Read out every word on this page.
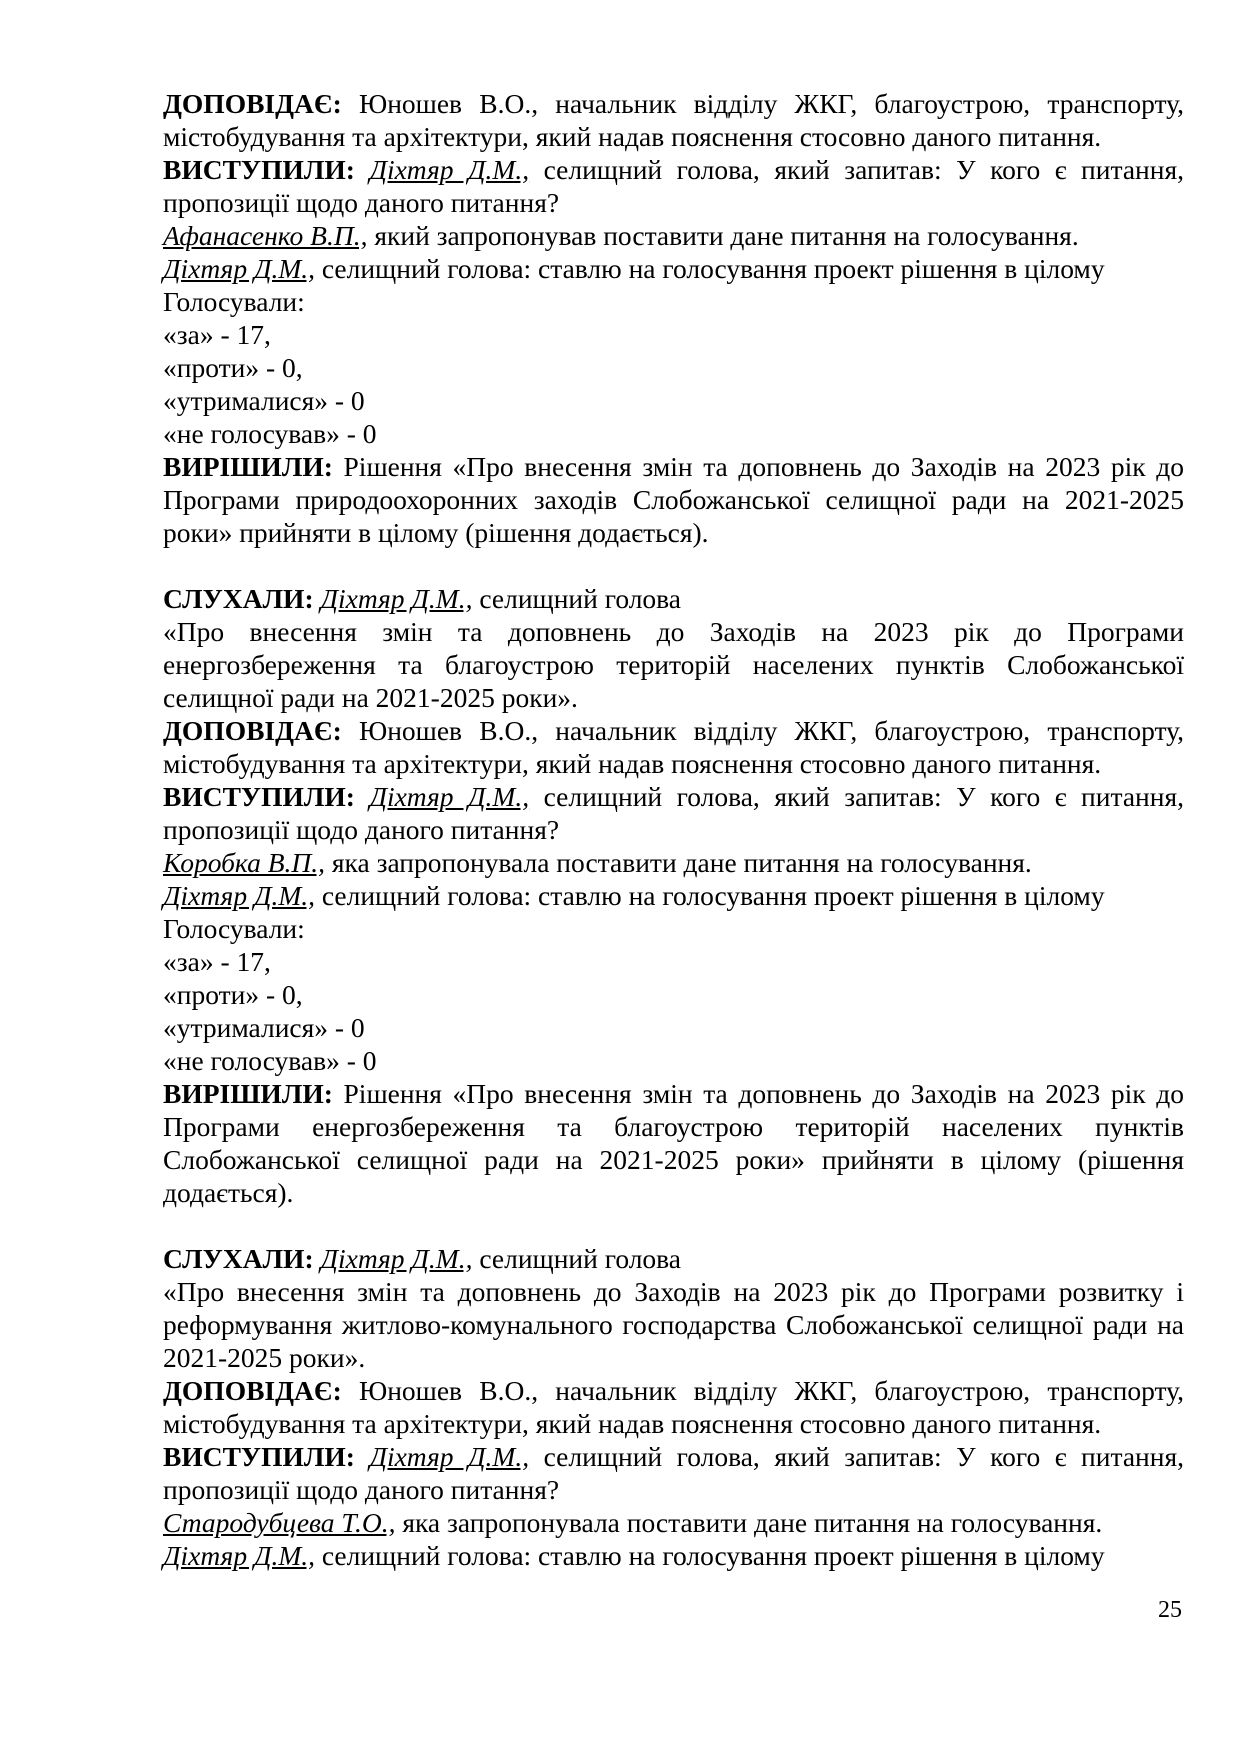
ДОПОВІДАЄ: Юношев В.О., начальник відділу ЖКГ, благоустрою, транспорту, містобудування та архітектури, який надав пояснення стосовно даного питання.

ВИСТУПИЛИ: Діхтяр Д.М., селищний голова, який запитав: У кого є питання, пропозиції щодо даного питання?

Афанасенко В.П., який запропонував поставити дане питання на голосування.

Діхтяр Д.М., селищний голова: ставлю на голосування проект рішення в цілому

Голосували:

«за» - 17,

«проти» - 0,

«утрималися» - 0

«не голосував» - 0

ВИРІШИЛИ: Рішення «Про внесення змін та доповнень до Заходів на 2023 рік до Програми природоохоронних заходів Слобожанської селищної ради на 2021-2025 роки» прийняти в цілому (рішення додається).

СЛУХАЛИ: Діхтяр Д.М., селищний голова

«Про внесення змін та доповнень до Заходів на 2023 рік до Програми енергозбереження та благоустрою територій населених пунктів Слобожанської селищної ради на 2021-2025 роки».

ДОПОВІДАЄ: Юношев В.О., начальник відділу ЖКГ, благоустрою, транспорту, містобудування та архітектури, який надав пояснення стосовно даного питання.

ВИСТУПИЛИ: Діхтяр Д.М., селищний голова, який запитав: У кого є питання, пропозиції щодо даного питання?

Коробка В.П., яка запропонувала поставити дане питання на голосування.

Діхтяр Д.М., селищний голова: ставлю на голосування проект рішення в цілому

Голосували:

«за» - 17,

«проти» - 0,

«утрималися» - 0

«не голосував» - 0

ВИРІШИЛИ: Рішення «Про внесення змін та доповнень до Заходів на 2023 рік до Програми енергозбереження та благоустрою територій населених пунктів Слобожанської селищної ради на 2021-2025 роки» прийняти в цілому (рішення додається).

СЛУХАЛИ: Діхтяр Д.М., селищний голова

«Про внесення змін та доповнень до Заходів на 2023 рік до Програми розвитку і реформування житлово-комунального господарства Слобожанської селищної ради на 2021-2025 роки».

ДОПОВІДАЄ: Юношев В.О., начальник відділу ЖКГ, благоустрою, транспорту, містобудування та архітектури, який надав пояснення стосовно даного питання.

ВИСТУПИЛИ: Діхтяр Д.М., селищний голова, який запитав: У кого є питання, пропозиції щодо даного питання?

Стародубцева Т.О., яка запропонувала поставити дане питання на голосування.

Діхтяр Д.М., селищний голова: ставлю на голосування проект рішення в цілому

25
